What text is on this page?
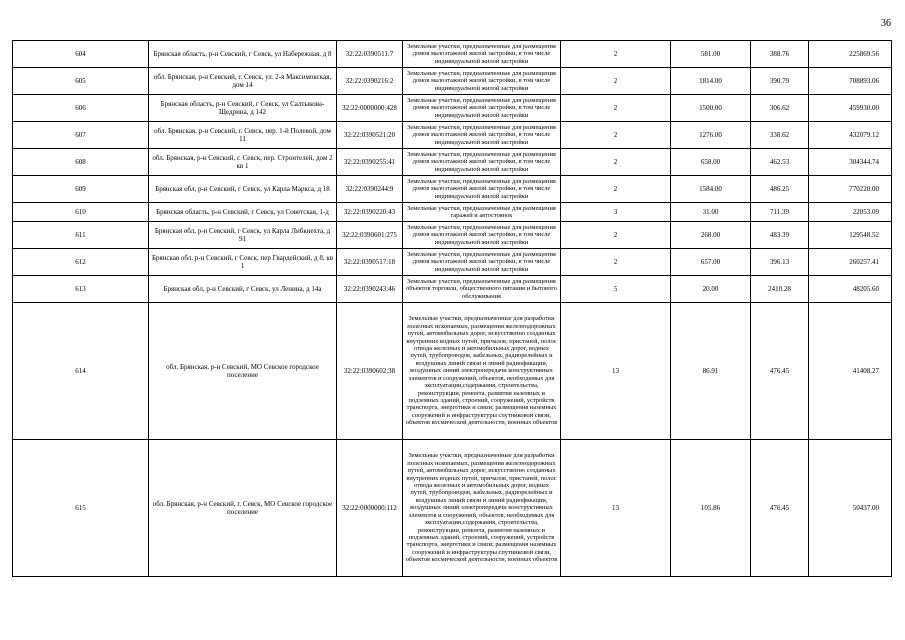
36
604	Брянская область, р-н Севский, г Севск, ул Набережная, д 8	32:22:0390511:7	Земельные участки, предназначенные для размещения домов малоэтажной жилой застройки, в том числе индивидуальной жилой застройки	2	581.00	388.76	225869.56
605	обл. Брянская, р-н Севский, г. Севск, ул. 2-я Максимовская, дом 14	32:22:0390216:2	Земельные участки, предназначенные для размещения домов малоэтажной жилой застройки, в том числе индивидуальной жилой застройки	2	1814.00	390.79	708893.06
606	Брянская область, р-н Севский, г Севск, ул Салтыкова-Щедрина, д 142	32:22:0000000:428	Земельные участки, предназначенные для размещения домов малоэтажной жилой застройки, в том числе индивидуальной жилой застройки	2	1500.00	306.62	459930.00
607	обл. Брянская, р-н Севский, г. Севск, пер. 1-й Полевой, дом 11	32:22:0390521:20	Земельные участки, предназначенные для размещения домов малоэтажной жилой застройки, в том числе индивидуальной жилой застройки	2	1276.00	338.62	432079.12
608	обл. Брянская, р-н Севский, г. Севск, пер. Строителей, дом 2 кв 1	32:22:0390255:41	Земельные участки, предназначенные для размещения домов малоэтажной жилой застройки, в том числе индивидуальной жилой застройки	2	658.00	462.53	304344.74
609	Брянская обл, р-н Севский, г Севск, ул Карла Маркса, д 18	32:22:0390244:9	Земельные участки, предназначенные для размещения домов малоэтажной жилой застройки, в том числе индивидуальной жилой застройки	2	1584.00	486.25	770220.00
610	Брянская область, р-н Севский, г Севск, ул Советская, 1-д	32:22:0390220:43	Земельные участки, предназначенные для размещения гаражей и автостоянок	3	31.00	711.39	22053.09
611	Брянская обл, р-н Севский, г Севск, ул Карла Либкнехта, д 91	32:22:0390601:275	Земельные участки, предназначенные для размещения домов малоэтажной жилой застройки, в том числе индивидуальной жилой застройки	2	268.00	483.39	129548.52
612	Брянская обл, р-н Севский, г Севск, пер Гвардейский, д 8, кв 1	32:22:0390517:18	Земельные участки, предназначенные для размещения домов малоэтажной жилой застройки, в том числе индивидуальной жилой застройки	2	657.00	396.13	260257.41
613	Брянская обл, р-н Севский, г Севск, ул Ленина, д 14а	32:22:0390243:46	Земельные участки, предназначенные для размещения объектов торговли, общественного питания и бытового обслуживания	5	20.00	2410.28	48205.60
614	обл. Брянская, р-н Севский, МО Севское городское поселение	32:22:0390602:38	Земельные участки, предназначенные для разработки полезных ископаемых, размещения железнодорожных путей, автомобильных дорог, искусственно созданных внутренних водных путей, причалов, пристаней, полос отвода железных и автомобильных дорог, водных путей, трубопроводов, кабельных, радиорелейных и воздушных линий связи и линий радиофикации, воздушных линий электропередачи конструктивных элементов и сооружений, объектов, необходимых для эксплуатации,содержания, строительства, реконструкции, ремонта, развития наземных и подземных зданий, строений, сооружений, устройств транспорта, энергетики и связи; размещения наземных сооружений и инфраструктуры спутниковой связи, объектов космической деятельности, военных объектов	13	86.91	476.45	41408.27
615	обл. Брянская, р-н Севский, г. Севск, МО Севское городское поселение	32:22:0000000:112	Земельные участки, предназначенные для разработки полезных ископаемых, размещения железнодорожных путей, автомобильных дорог, искусственно созданных внутренних водных путей, причалов, пристаней, полос отвода железных и автомобильных дорог, водных путей, трубопроводов, кабельных, радиорелейных и воздушных линий связи и линий радиофикации, воздушных линий электропередачи конструктивных элементов и сооружений, объектов, необходимых для эксплуатации,содержания, строительства, реконструкции, ремонта, развития наземных и подземных зданий, строений, сооружений, устройств транспорта, энергетики и связи; размещения наземных сооружений и инфраструктуры спутниковой связи, объектов космической деятельности, военных объектов	13	105.86	476.45	50437.00
